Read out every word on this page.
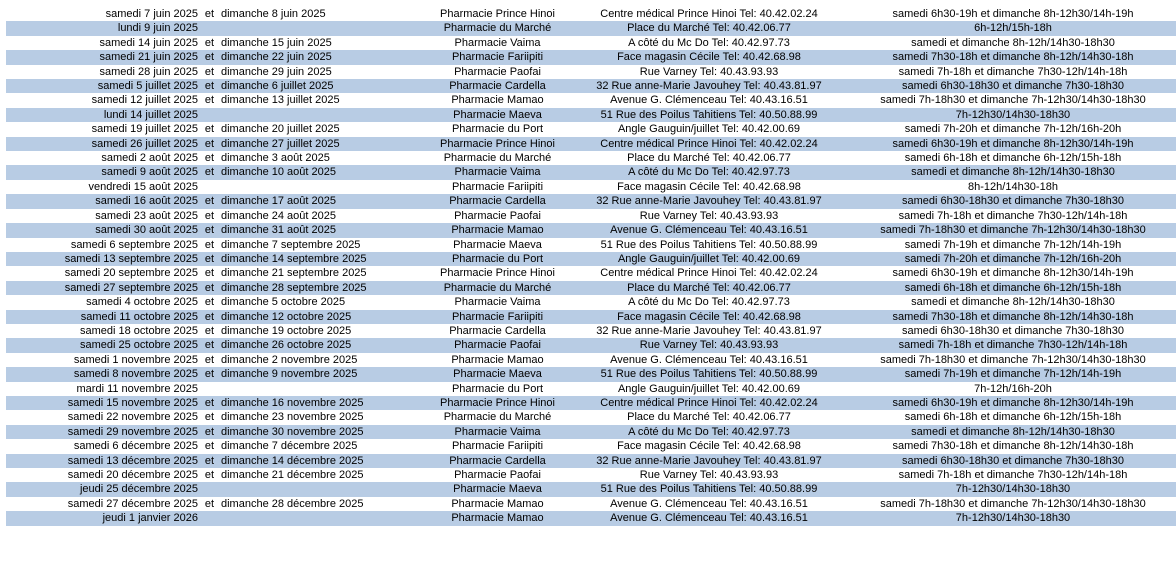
samedi 7 juin 2025	et	dimanche 8 juin 2025	Pharmacie Prince Hinoi	Centre médical Prince Hinoi Tel: 40.42.02.24	samedi 6h30-19h et dimanche 8h-12h30/14h-19h
lundi 9 juin 2025			Pharmacie du Marché	Place du Marché Tel: 40.42.06.77	6h-12h/15h-18h
samedi 14 juin 2025	et	dimanche 15 juin 2025	Pharmacie Vaima	A côté du Mc Do Tel: 40.42.97.73	samedi et dimanche 8h-12h/14h30-18h30
samedi 21 juin 2025	et	dimanche 22 juin 2025	Pharmacie Fariipiti	Face magasin Cécile Tel: 40.42.68.98	samedi 7h30-18h et dimanche 8h-12h/14h30-18h
samedi 28 juin 2025	et	dimanche 29 juin 2025	Pharmacie Paofai	Rue Varney Tel: 40.43.93.93	samedi 7h-18h et dimanche 7h30-12h/14h-18h
samedi 5 juillet 2025	et	dimanche 6 juillet 2025	Pharmacie Cardella	32 Rue anne-Marie Javouhey Tel: 40.43.81.97	samedi 6h30-18h30 et dimanche 7h30-18h30
samedi 12 juillet 2025	et	dimanche 13 juillet 2025	Pharmacie Mamao	Avenue G. Clémenceau Tel: 40.43.16.51	samedi 7h-18h30 et dimanche 7h-12h30/14h30-18h30
lundi 14 juillet 2025			Pharmacie Maeva	51 Rue des Poilus Tahitiens Tel: 40.50.88.99	7h-12h30/14h30-18h30
samedi 19 juillet 2025	et	dimanche 20 juillet 2025	Pharmacie du Port	Angle Gauguin/juillet Tel: 40.42.00.69	samedi 7h-20h et dimanche 7h-12h/16h-20h
samedi 26 juillet 2025	et	dimanche 27 juillet 2025	Pharmacie Prince Hinoi	Centre médical Prince Hinoi Tel: 40.42.02.24	samedi 6h30-19h et dimanche 8h-12h30/14h-19h
samedi 2 août 2025	et	dimanche 3 août 2025	Pharmacie du Marché	Place du Marché Tel: 40.42.06.77	samedi 6h-18h et dimanche 6h-12h/15h-18h
samedi 9 août 2025	et	dimanche 10 août 2025	Pharmacie Vaima	A côté du Mc Do Tel: 40.42.97.73	samedi et dimanche 8h-12h/14h30-18h30
vendredi 15 août 2025			Pharmacie Fariipiti	Face magasin Cécile Tel: 40.42.68.98	8h-12h/14h30-18h
samedi 16 août 2025	et	dimanche 17 août 2025	Pharmacie Cardella	32 Rue anne-Marie Javouhey Tel: 40.43.81.97	samedi 6h30-18h30 et dimanche 7h30-18h30
samedi 23 août 2025	et	dimanche 24 août 2025	Pharmacie Paofai	Rue Varney Tel: 40.43.93.93	samedi 7h-18h et dimanche 7h30-12h/14h-18h
samedi 30 août 2025	et	dimanche 31 août 2025	Pharmacie Mamao	Avenue G. Clémenceau Tel: 40.43.16.51	samedi 7h-18h30 et dimanche 7h-12h30/14h30-18h30
samedi 6 septembre 2025	et	dimanche 7 septembre 2025	Pharmacie Maeva	51 Rue des Poilus Tahitiens Tel: 40.50.88.99	samedi 7h-19h et dimanche 7h-12h/14h-19h
samedi 13 septembre 2025	et	dimanche 14 septembre 2025	Pharmacie du Port	Angle Gauguin/juillet Tel: 40.42.00.69	samedi 7h-20h et dimanche 7h-12h/16h-20h
samedi 20 septembre 2025	et	dimanche 21 septembre 2025	Pharmacie Prince Hinoi	Centre médical Prince Hinoi Tel: 40.42.02.24	samedi 6h30-19h et dimanche 8h-12h30/14h-19h
samedi 27 septembre 2025	et	dimanche 28 septembre 2025	Pharmacie du Marché	Place du Marché Tel: 40.42.06.77	samedi 6h-18h et dimanche 6h-12h/15h-18h
samedi 4 octobre 2025	et	dimanche 5 octobre 2025	Pharmacie Vaima	A côté du Mc Do Tel: 40.42.97.73	samedi et dimanche 8h-12h/14h30-18h30
samedi 11 octobre 2025	et	dimanche 12 octobre 2025	Pharmacie Fariipiti	Face magasin Cécile Tel: 40.42.68.98	samedi 7h30-18h et dimanche 8h-12h/14h30-18h
samedi 18 octobre 2025	et	dimanche 19 octobre 2025	Pharmacie Cardella	32 Rue anne-Marie Javouhey Tel: 40.43.81.97	samedi 6h30-18h30 et dimanche 7h30-18h30
samedi 25 octobre 2025	et	dimanche 26 octobre 2025	Pharmacie Paofai	Rue Varney Tel: 40.43.93.93	samedi 7h-18h et dimanche 7h30-12h/14h-18h
samedi 1 novembre 2025	et	dimanche 2 novembre 2025	Pharmacie Mamao	Avenue G. Clémenceau Tel: 40.43.16.51	samedi 7h-18h30 et dimanche 7h-12h30/14h30-18h30
samedi 8 novembre 2025	et	dimanche 9 novembre 2025	Pharmacie Maeva	51 Rue des Poilus Tahitiens Tel: 40.50.88.99	samedi 7h-19h et dimanche 7h-12h/14h-19h
mardi 11 novembre 2025			Pharmacie du Port	Angle Gauguin/juillet Tel: 40.42.00.69	7h-12h/16h-20h
samedi 15 novembre 2025	et	dimanche 16 novembre 2025	Pharmacie Prince Hinoi	Centre médical Prince Hinoi Tel: 40.42.02.24	samedi 6h30-19h et dimanche 8h-12h30/14h-19h
samedi 22 novembre 2025	et	dimanche 23 novembre 2025	Pharmacie du Marché	Place du Marché Tel: 40.42.06.77	samedi 6h-18h et dimanche 6h-12h/15h-18h
samedi 29 novembre 2025	et	dimanche 30 novembre 2025	Pharmacie Vaima	A côté du Mc Do Tel: 40.42.97.73	samedi et dimanche 8h-12h/14h30-18h30
samedi 6 décembre 2025	et	dimanche 7 décembre 2025	Pharmacie Fariipiti	Face magasin Cécile Tel: 40.42.68.98	samedi 7h30-18h et dimanche 8h-12h/14h30-18h
samedi 13 décembre 2025	et	dimanche 14 décembre 2025	Pharmacie Cardella	32 Rue anne-Marie Javouhey Tel: 40.43.81.97	samedi 6h30-18h30 et dimanche 7h30-18h30
samedi 20 décembre 2025	et	dimanche 21 décembre 2025	Pharmacie Paofai	Rue Varney Tel: 40.43.93.93	samedi 7h-18h et dimanche 7h30-12h/14h-18h
jeudi 25 décembre 2025			Pharmacie Maeva	51 Rue des Poilus Tahitiens Tel: 40.50.88.99	7h-12h30/14h30-18h30
samedi 27 décembre 2025	et	dimanche 28 décembre 2025	Pharmacie Mamao	Avenue G. Clémenceau Tel: 40.43.16.51	samedi 7h-18h30 et dimanche 7h-12h30/14h30-18h30
jeudi 1 janvier 2026			Pharmacie Mamao	Avenue G. Clémenceau Tel: 40.43.16.51	7h-12h30/14h30-18h30
